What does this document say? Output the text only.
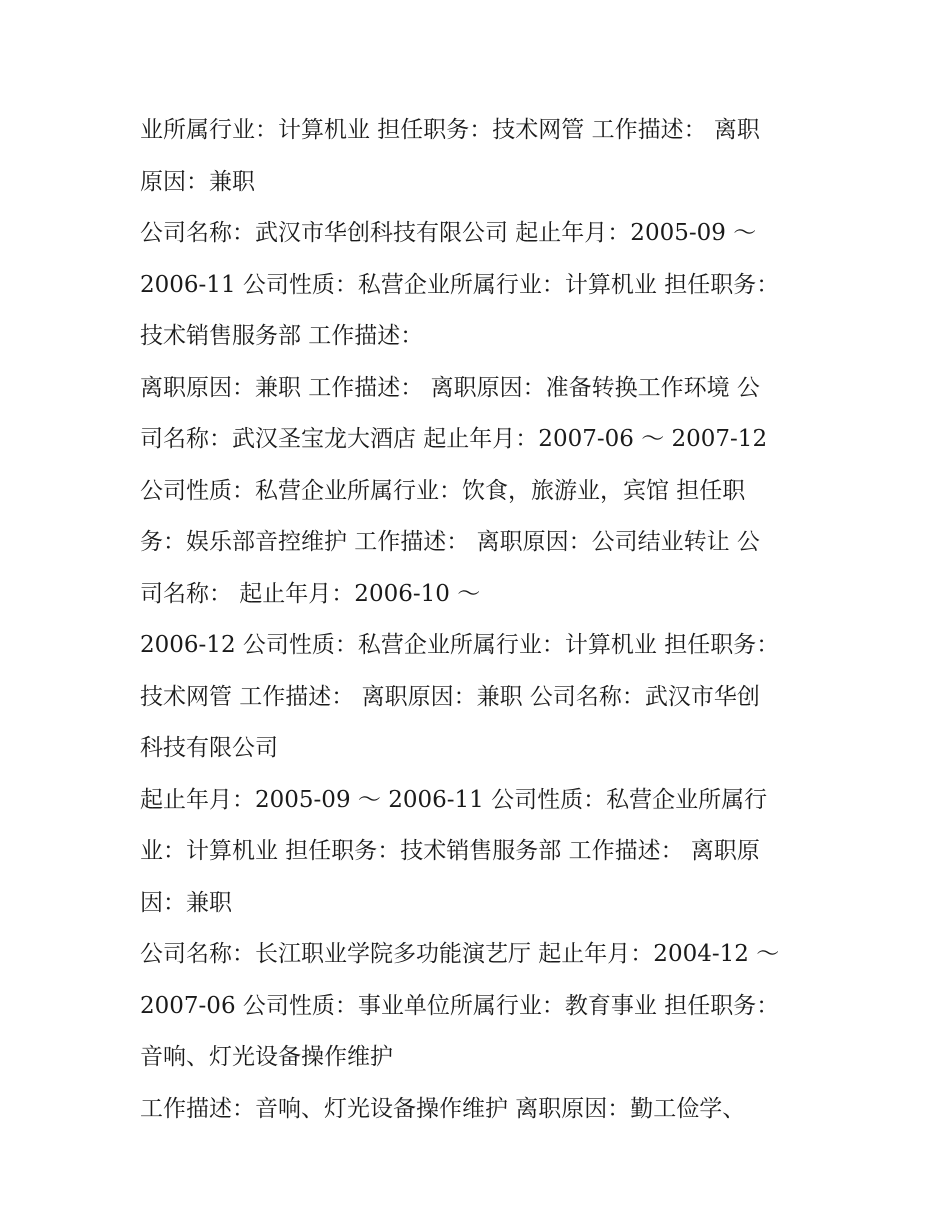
业所属行业：计算机业 担任职务：技术网管 工作描述： 离职
原因：兼职
公司名称：武汉市华创科技有限公司 起止年月：2005-09 ～
2006-11 公司性质：私营企业所属行业：计算机业 担任职务：
技术销售服务部 工作描述：
离职原因：兼职 工作描述： 离职原因：准备转换工作环境 公
司名称：武汉圣宝龙大酒店 起止年月：2007-06 ～ 2007-12
公司性质：私营企业所属行业：饮食，旅游业，宾馆 担任职
务：娱乐部音控维护 工作描述： 离职原因：公司结业转让 公
司名称： 起止年月：2006-10 ～
2006-12 公司性质：私营企业所属行业：计算机业 担任职务：
技术网管 工作描述： 离职原因：兼职 公司名称：武汉市华创
科技有限公司
起止年月：2005-09 ～ 2006-11 公司性质：私营企业所属行
业：计算机业 担任职务：技术销售服务部 工作描述： 离职原
因：兼职
公司名称：长江职业学院多功能演艺厅 起止年月：2004-12 ～
2007-06 公司性质：事业单位所属行业：教育事业 担任职务：
音响、灯光设备操作维护
工作描述：音响、灯光设备操作维护 离职原因：勤工俭学、
